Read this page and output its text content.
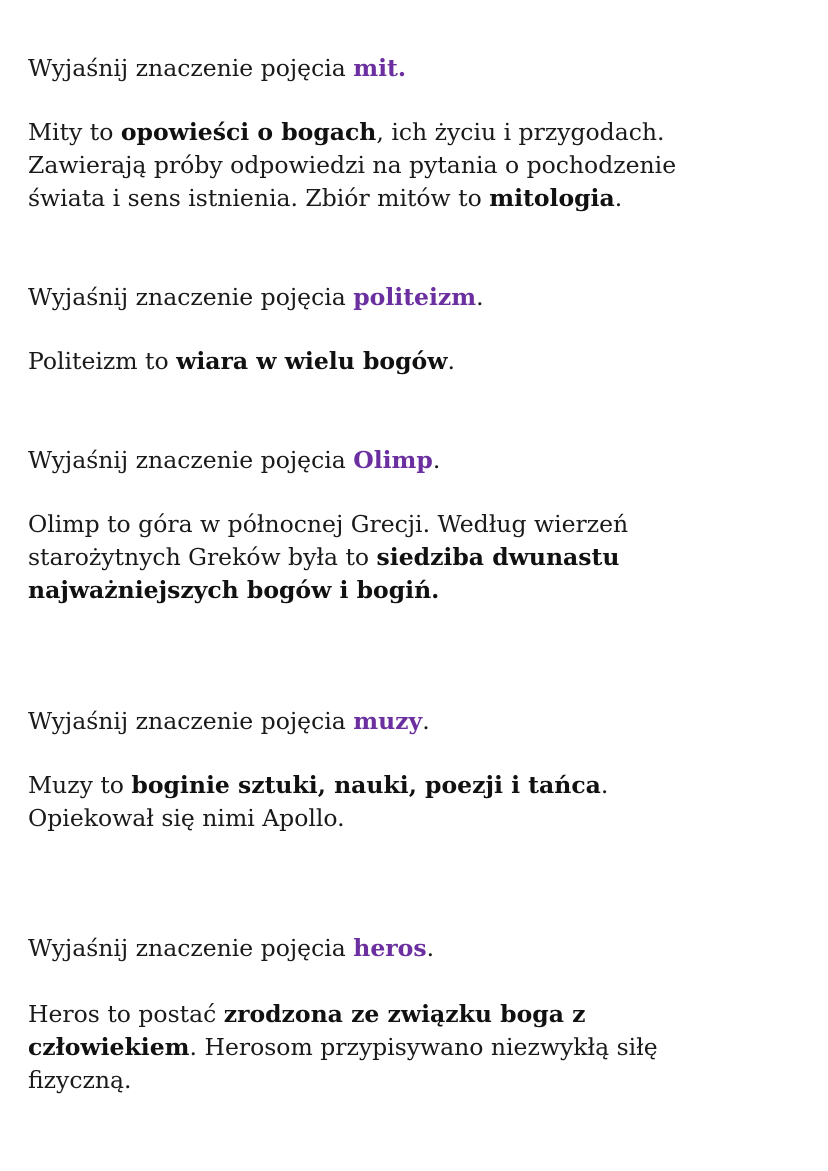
Wyjaśnij znaczenie pojęcia mit.
Mity to opowieści o bogach, ich życiu i przygodach.
Zawierają próby odpowiedzi na pytania o pochodzenie
świata i sens istnienia. Zbiór mitów to mitologia.
Wyjaśnij znaczenie pojęcia politeizm.
Politeizm to wiara w wielu bogów.
Wyjaśnij znaczenie pojęcia Olimp.
Olimp to góra w północnej Grecji. Według wierzeń
starożytnych Greków była to siedziba dwunastu
najważniejszych bogów i bogiń.
Wyjaśnij znaczenie pojęcia muzy.
Muzy to boginie sztuki, nauki, poezji i tańca.
Opiekował się nimi Apollo.
Wyjaśnij znaczenie pojęcia heros.
Heros to postać zrodzona ze związku boga z
człowiekiem. Herosom przypisywano niezwykłą siłę
fizyczną.
